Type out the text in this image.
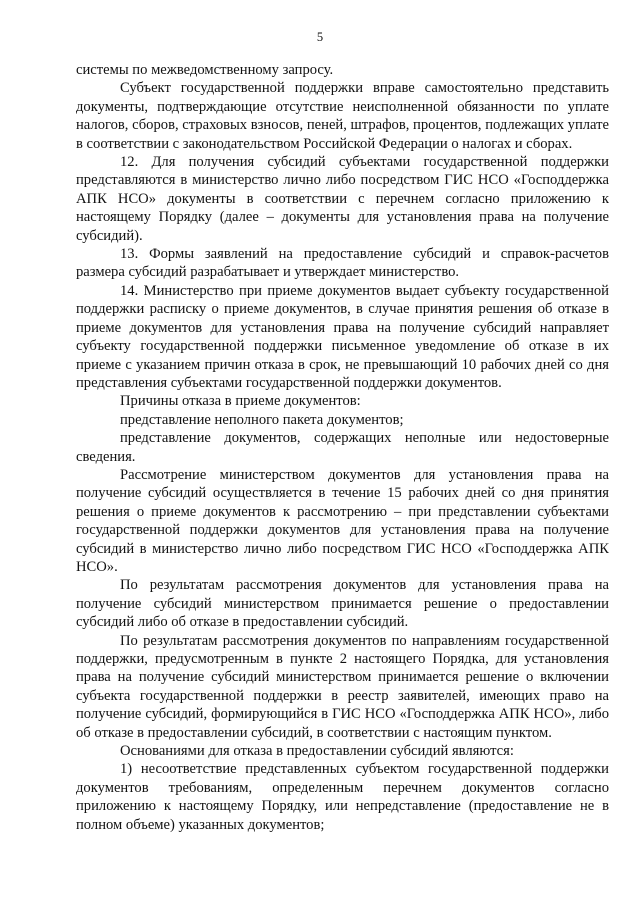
5

системы по межведомственному запросу.

Субъект государственной поддержки вправе самостоятельно представить документы, подтверждающие отсутствие неисполненной обязанности по уплате налогов, сборов, страховых взносов, пеней, штрафов, процентов, подлежащих уплате в соответствии с законодательством Российской Федерации о налогах и сборах.

12. Для получения субсидий субъектами государственной поддержки представляются в министерство лично либо посредством ГИС НСО «Господдержка АПК НСО» документы в соответствии с перечнем согласно приложению к настоящему Порядку (далее – документы для установления права на получение субсидий).

13. Формы заявлений на предоставление субсидий и справок-расчетов размера субсидий разрабатывает и утверждает министерство.

14. Министерство при приеме документов выдает субъекту государственной поддержки расписку о приеме документов, в случае принятия решения об отказе в приеме документов для установления права на получение субсидий направляет субъекту государственной поддержки письменное уведомление об отказе в их приеме с указанием причин отказа в срок, не превышающий 10 рабочих дней со дня представления субъектами государственной поддержки документов.

Причины отказа в приеме документов:

представление неполного пакета документов;

представление документов, содержащих неполные или недостоверные сведения.

Рассмотрение министерством документов для установления права на получение субсидий осуществляется в течение 15 рабочих дней со дня принятия решения о приеме документов к рассмотрению – при представлении субъектами государственной поддержки документов для установления права на получение субсидий в министерство лично либо посредством ГИС НСО «Господдержка АПК НСО».

По результатам рассмотрения документов для установления права на получение субсидий министерством принимается решение о предоставлении субсидий либо об отказе в предоставлении субсидий.

По результатам рассмотрения документов по направлениям государственной поддержки, предусмотренным в пункте 2 настоящего Порядка, для установления права на получение субсидий министерством принимается решение о включении субъекта государственной поддержки в реестр заявителей, имеющих право на получение субсидий, формирующийся в ГИС НСО «Господдержка АПК НСО», либо об отказе в предоставлении субсидий, в соответствии с настоящим пунктом.

Основаниями для отказа в предоставлении субсидий являются:

1) несоответствие представленных субъектом государственной поддержки документов требованиям, определенным перечнем документов согласно приложению к настоящему Порядку, или непредставление (предоставление не в полном объеме) указанных документов;
